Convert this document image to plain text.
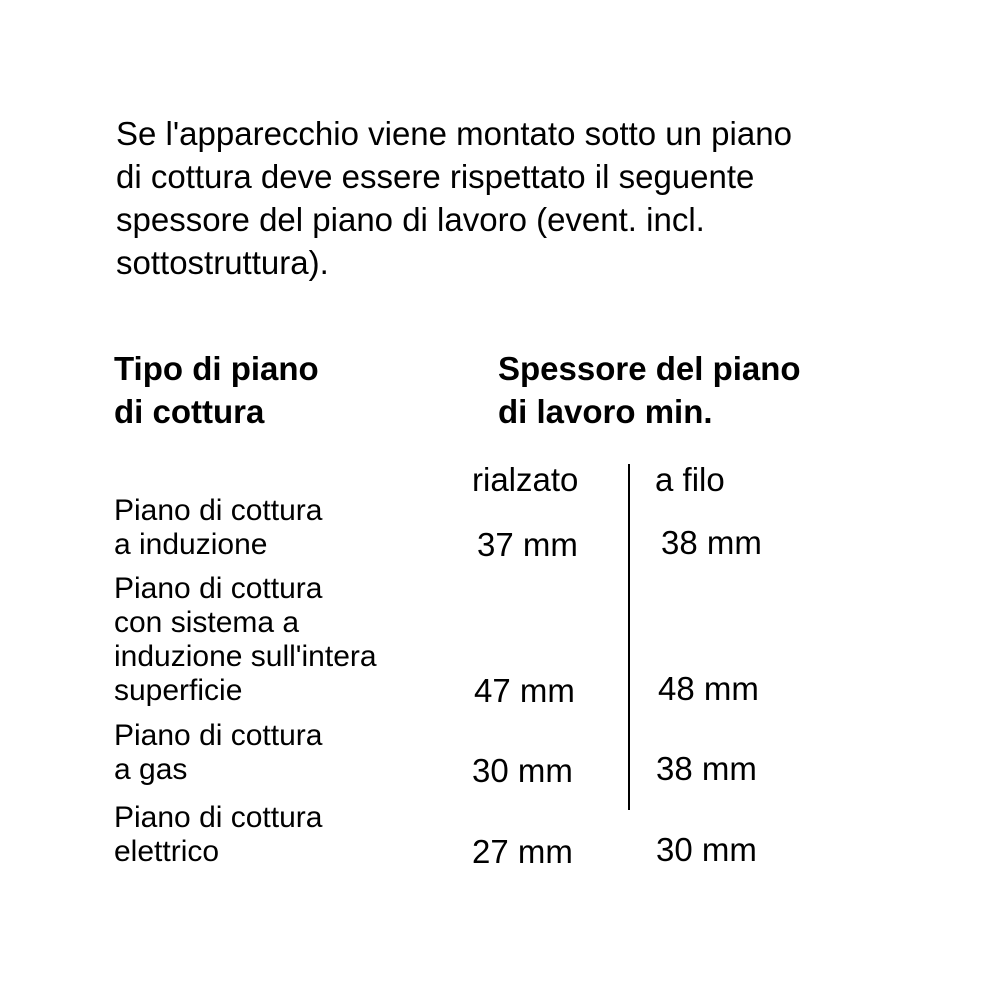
Se l'apparecchio viene montato sotto un piano
di cottura deve essere rispettato il seguente
spessore del piano di lavoro (event. incl.
sottostruttura).
Tipo di piano
di cottura
Spessore del piano
di lavoro min.
rialzato a filo
Piano di cottura
a induzione	37 mm	38 mm
Piano di cottura
con sistema a
induzione sull'intera
superficie	47 mm	48 mm
Piano di cottura
a gas	30 mm	38 mm
Piano di cottura
elettrico	27 mm	30 mm
